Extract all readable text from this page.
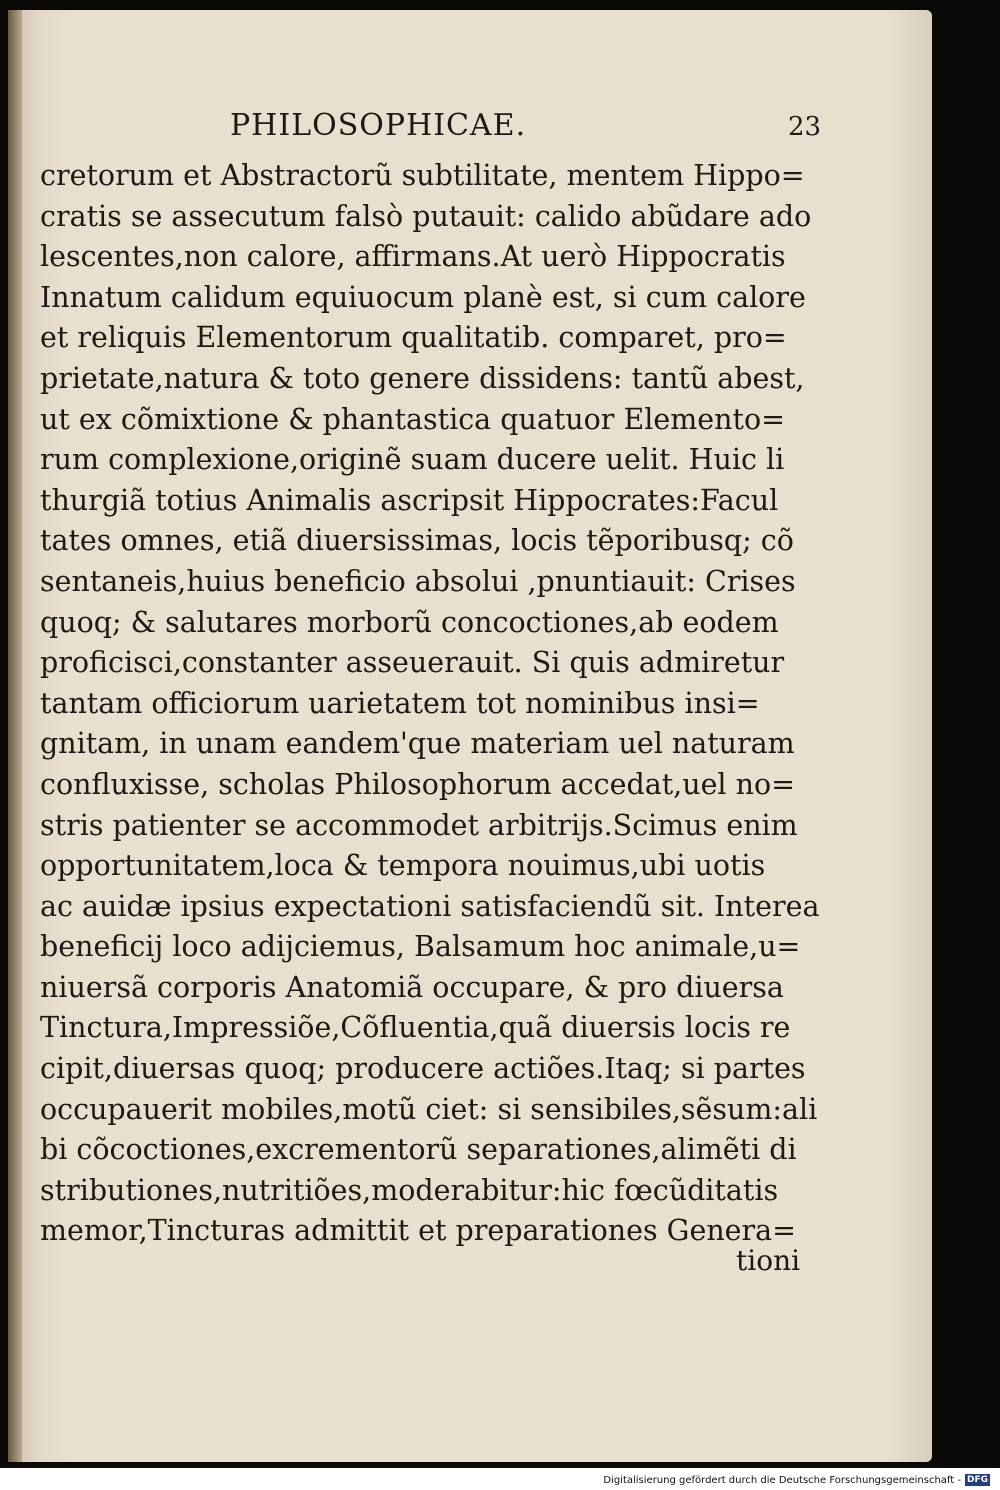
PHILOSOPHICAE.	23
cretorum et Abstractorũ subtilitate, mentem Hippo=
cratis se assecutum falsò putauit: calido abũdare ado
lescentes,non calore, affirmans.At uerò Hippocratis
Innatum calidum equiuocum planè est, si cum calore
et reliquis Elementorum qualitatib. comparet, pro=
prietate,natura & toto genere dissidens: tantũ abest,
ut ex cõmixtione & phantastica quatuor Elemento=
rum complexione,originẽ suam ducere uelit. Huic li
thurgiã totius Animalis ascripsit Hippocrates:Facul
tates omnes, etiã diuersissimas, locis tẽporibusq; cõ
sentaneis,huius beneficio absolui ,pnuntiauit: Crises
quoq; & salutares morborũ concoctiones,ab eodem
proficisci,constanter asseuerauit. Si quis admiretur
tantam officiorum uarietatem tot nominibus insi=
gnitam, in unam eandem'que materiam uel naturam
confluxisse, scholas Philosophorum accedat,uel no=
stris patienter se accommodet arbitrijs.Scimus enim
opportunitatem,loca & tempora nouimus,ubi uotis
ac auidæ ipsius expectationi satisfaciendũ sit. Interea
beneficij loco adijciemus, Balsamum hoc animale,u=
niuersã corporis Anatomiã occupare, & pro diuersa
Tinctura,Impressiõe,Cõfluentia,quã diuersis locis re
cipit,diuersas quoq; producere actiões.Itaq; si partes
occupauerit mobiles,motũ ciet: si sensibiles,sẽsum:ali
bi cõcoctiones,excrementorũ separationes,alimẽti di
stributiones,nutritiões,moderabitur:hic fœcũditatis
memor,Tincturas admittit et preparationes Genera=
tioni
Digitalisierung gefördert durch die Deutsche Forschungsgemeinschaft - DFG
